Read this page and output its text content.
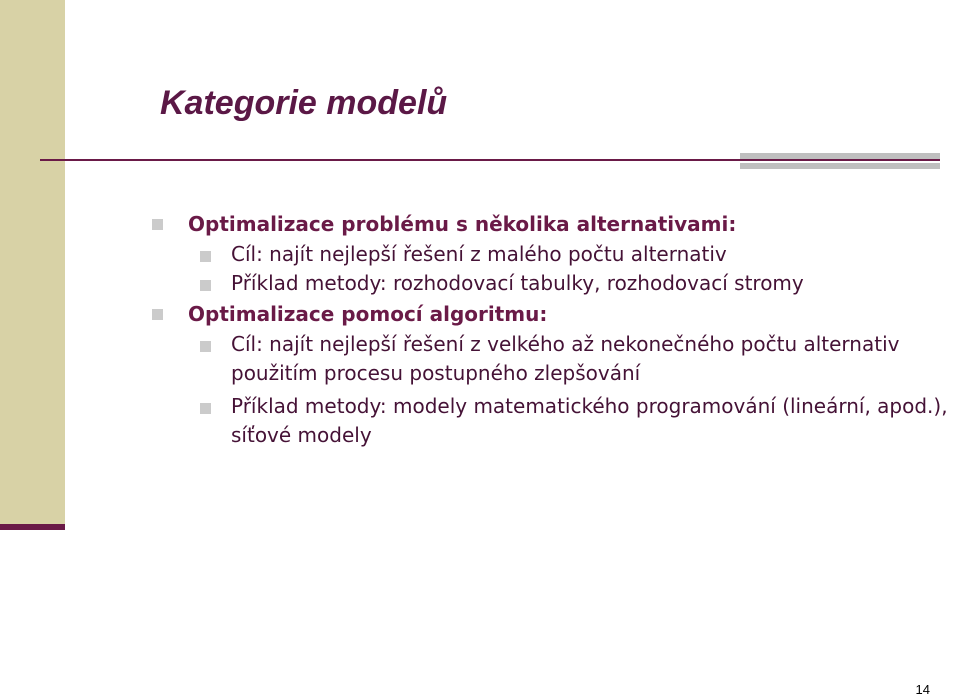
Kategorie modelů
Optimalizace problému s několika alternativami:
Cíl: najít nejlepší řešení z malého počtu alternativ
Příklad metody: rozhodovací tabulky, rozhodovací stromy
Optimalizace pomocí algoritmu:
Cíl: najít nejlepší řešení z velkého až nekonečného počtu alternativ použitím procesu postupného zlepšování
Příklad metody: modely matematického programování (lineární, apod.), síťové modely
14
